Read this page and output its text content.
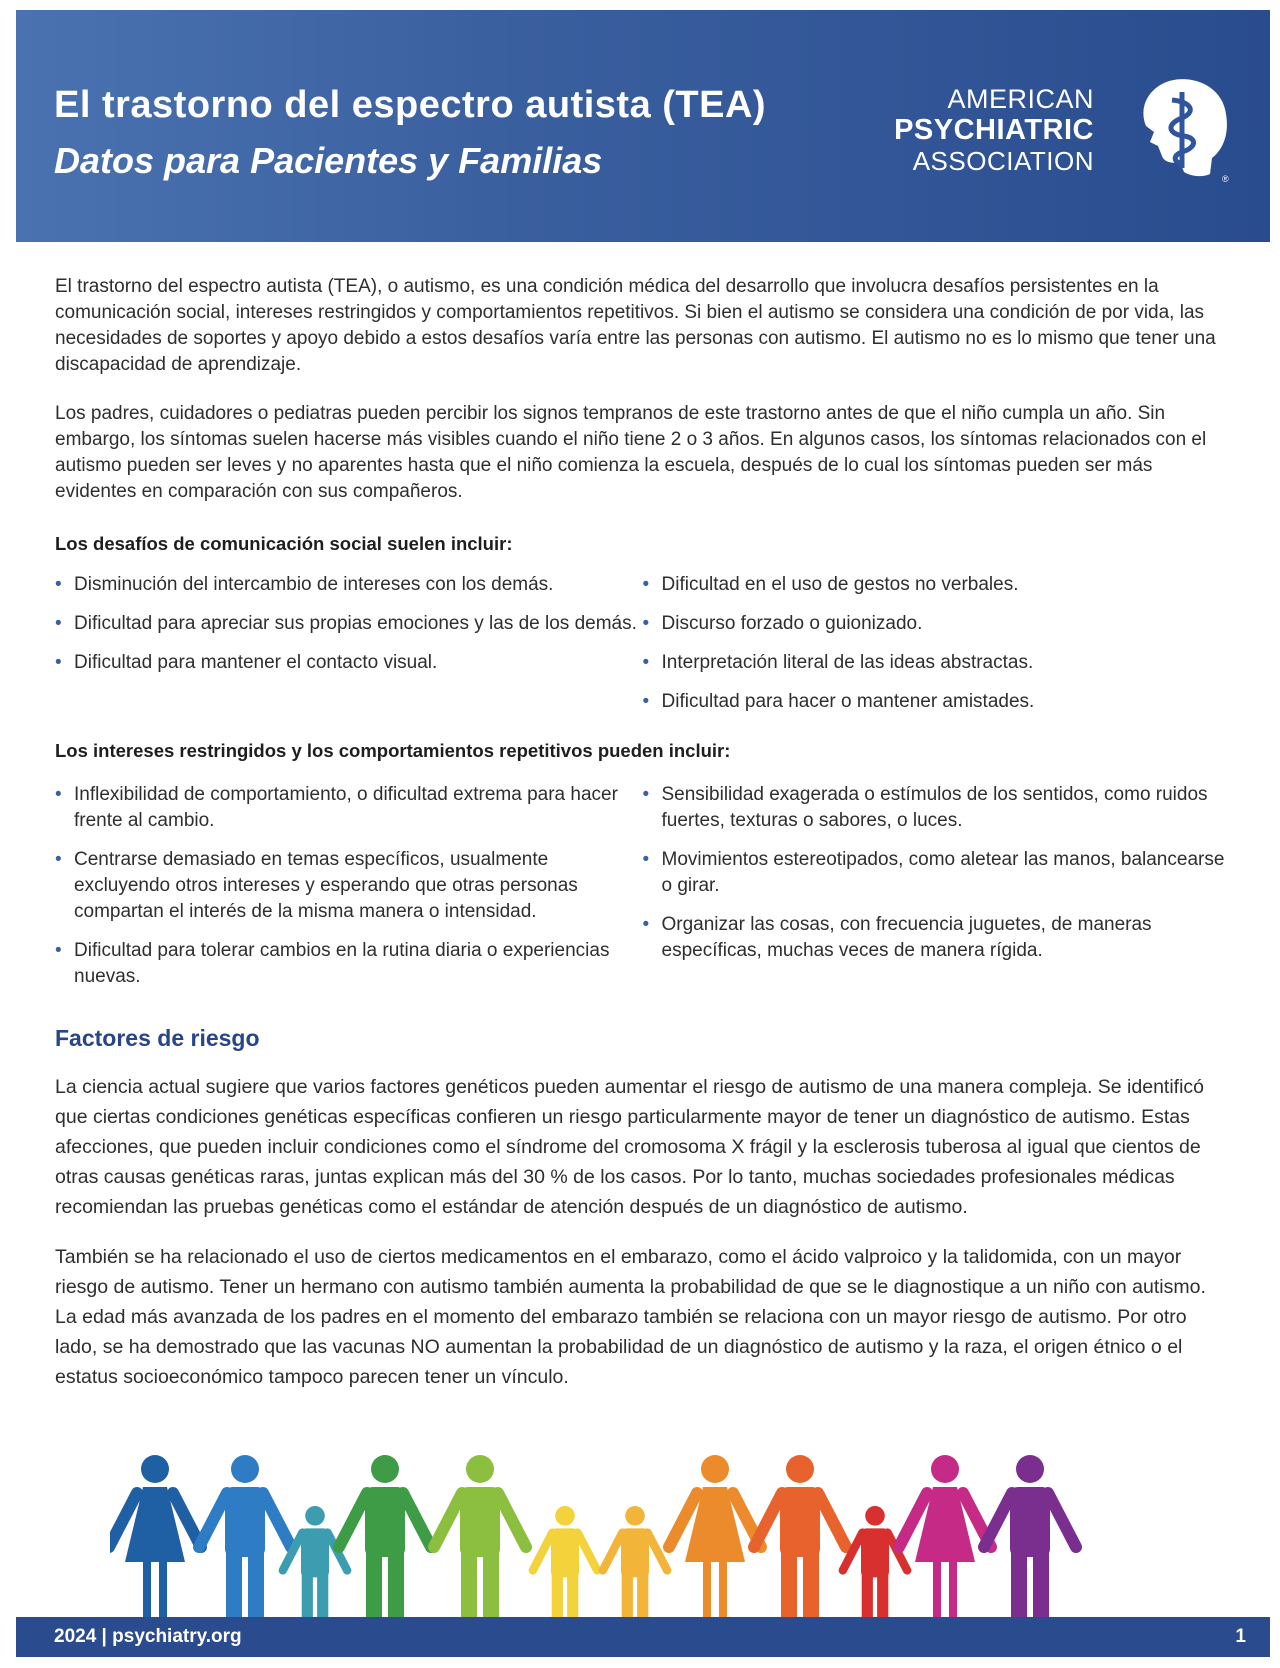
El trastorno del espectro autista (TEA)
Datos para Pacientes y Familias
AMERICAN
PSYCHIATRIC
ASSOCIATION
®

El trastorno del espectro autista (TEA), o autismo, es una condición médica del desarrollo que involucra desafíos persistentes en la comunicación social, intereses restringidos y comportamientos repetitivos. Si bien el autismo se considera una condición de por vida, las necesidades de soportes y apoyo debido a estos desafíos varía entre las personas con autismo. El autismo no es lo mismo que tener una discapacidad de aprendizaje.

Los padres, cuidadores o pediatras pueden percibir los signos tempranos de este trastorno antes de que el niño cumpla un año. Sin embargo, los síntomas suelen hacerse más visibles cuando el niño tiene 2 o 3 años. En algunos casos, los síntomas relacionados con el autismo pueden ser leves y no aparentes hasta que el niño comienza la escuela, después de lo cual los síntomas pueden ser más evidentes en comparación con sus compañeros.

Los desafíos de comunicación social suelen incluir:

• Disminución del intercambio de intereses con los demás.
• Dificultad para apreciar sus propias emociones y las de los demás.
• Dificultad para mantener el contacto visual.
• Dificultad en el uso de gestos no verbales.
• Discurso forzado o guionizado.
• Interpretación literal de las ideas abstractas.
• Dificultad para hacer o mantener amistades.

Los intereses restringidos y los comportamientos repetitivos pueden incluir:

• Inflexibilidad de comportamiento, o dificultad extrema para hacer frente al cambio.
• Centrarse demasiado en temas específicos, usualmente excluyendo otros intereses y esperando que otras personas compartan el interés de la misma manera o intensidad.
• Dificultad para tolerar cambios en la rutina diaria o experiencias nuevas.
• Sensibilidad exagerada o estímulos de los sentidos, como ruidos fuertes, texturas o sabores, o luces.
• Movimientos estereotipados, como aletear las manos, balancearse o girar.
• Organizar las cosas, con frecuencia juguetes, de maneras específicas, muchas veces de manera rígida.
Factores de riesgo

La ciencia actual sugiere que varios factores genéticos pueden aumentar el riesgo de autismo de una manera compleja. Se identificó que ciertas condiciones genéticas específicas confieren un riesgo particularmente mayor de tener un diagnóstico de autismo. Estas afecciones, que pueden incluir condiciones como el síndrome del cromosoma X frágil y la esclerosis tuberosa al igual que cientos de otras causas genéticas raras, juntas explican más del 30 % de los casos. Por lo tanto, muchas sociedades profesionales médicas recomiendan las pruebas genéticas como el estándar de atención después de un diagnóstico de autismo.

También se ha relacionado el uso de ciertos medicamentos en el embarazo, como el ácido valproico y la talidomida, con un mayor riesgo de autismo. Tener un hermano con autismo también aumenta la probabilidad de que se le diagnostique a un niño con autismo. La edad más avanzada de los padres en el momento del embarazo también se relaciona con un mayor riesgo de autismo. Por otro lado, se ha demostrado que las vacunas NO aumentan la probabilidad de un diagnóstico de autismo y la raza, el origen étnico o el estatus socioeconómico tampoco parecen tener un vínculo.

2024 | psychiatry.org	1
